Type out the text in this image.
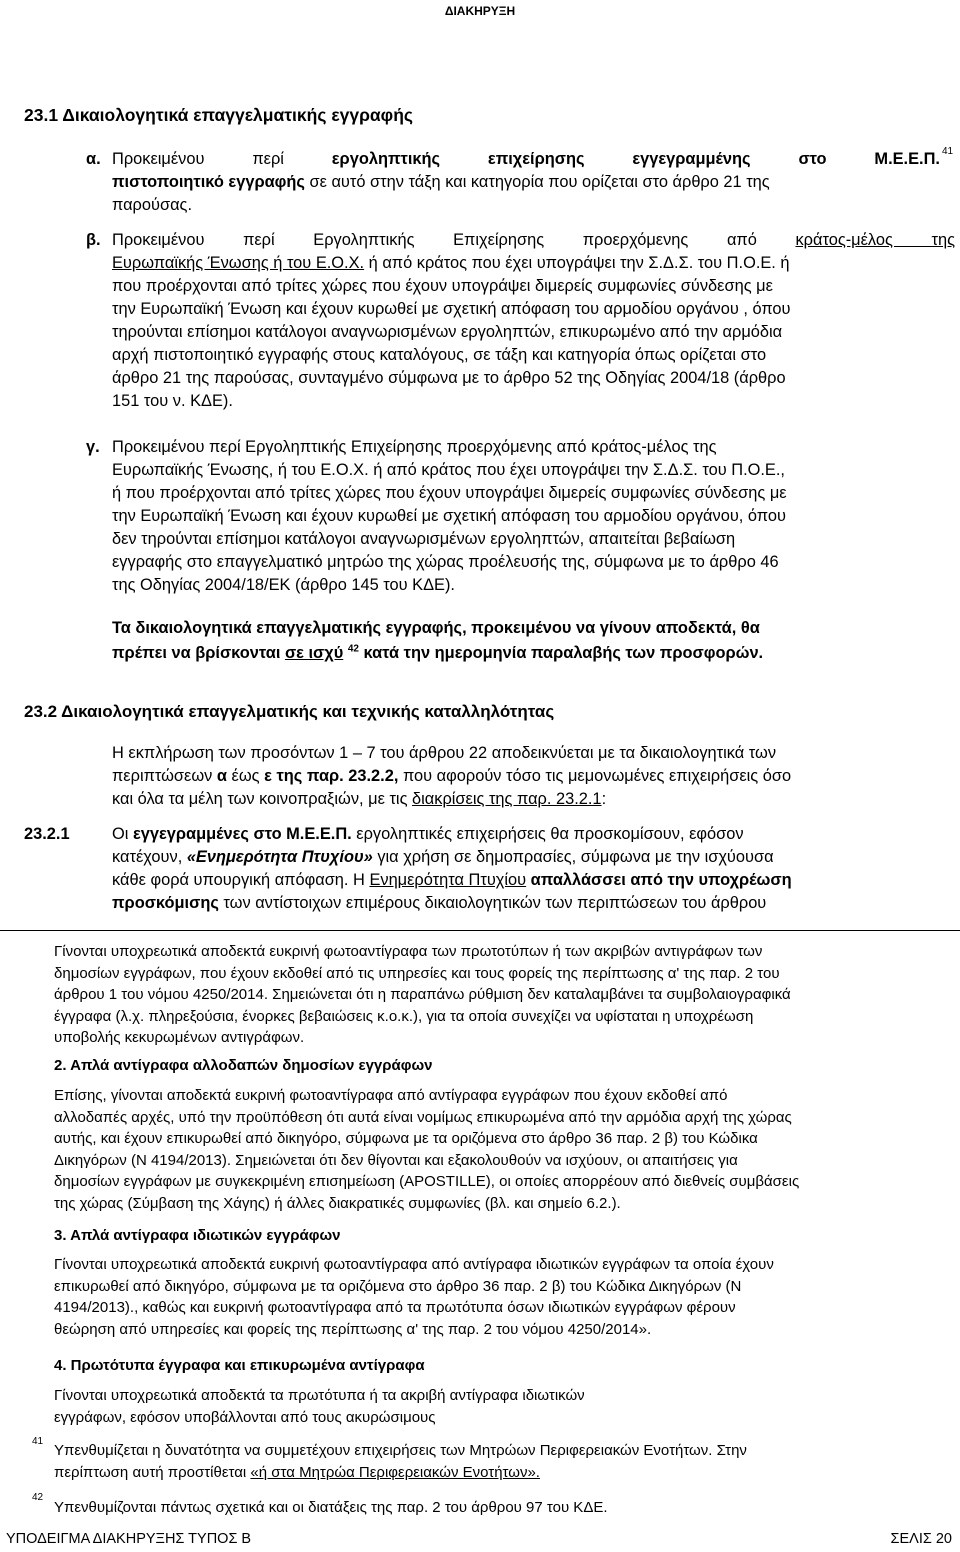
ΔΙΑΚΗΡΥΞΗ
23.1 Δικαιολογητικά επαγγελματικής εγγραφής
α. Προκειμένου περί εργοληπτικής επιχείρησης εγγεγραμμένης στο Μ.Ε.Ε.Π.
πιστοποιητικό εγγραφής σε αυτό στην τάξη και κατηγορία που ορίζεται στο άρθρο 21 της
παρούσας.
41
β. Προκειμένου περί Εργοληπτικής Επιχείρησης προερχόμενης από κράτος-μέλος της
Ευρωπαϊκής Ένωσης ή του Ε.Ο.Χ. ή από κράτος που έχει υπογράψει την Σ.Δ.Σ. του Π.Ο.Ε. ή
που προέρχονται από τρίτες χώρες που έχουν υπογράψει διμερείς συμφωνίες σύνδεσης με
την Ευρωπαϊκή Ένωση και έχουν κυρωθεί με σχετική απόφαση του αρμοδίου οργάνου , όπου
τηρούνται επίσημοι κατάλογοι αναγνωρισμένων εργοληπτών, επικυρωμένο από την αρμόδια
αρχή πιστοποιητικό εγγραφής στους καταλόγους, σε τάξη και κατηγορία όπως ορίζεται στο
άρθρο 21 της παρούσας, συνταγμένο σύμφωνα με το άρθρο 52 της Οδηγίας 2004/18 (άρθρο
151 του ν. ΚΔΕ).
γ. Προκειμένου περί Εργοληπτικής Επιχείρησης προερχόμενης από κράτος-μέλος της
Ευρωπαϊκής Ένωσης, ή του Ε.Ο.Χ. ή από κράτος που έχει υπογράψει την Σ.Δ.Σ. του Π.Ο.Ε.,
ή που προέρχονται από τρίτες χώρες που έχουν υπογράψει διμερείς συμφωνίες σύνδεσης με
την Ευρωπαϊκή Ένωση και έχουν κυρωθεί με σχετική απόφαση του αρμοδίου οργάνου, όπου
δεν τηρούνται επίσημοι κατάλογοι αναγνωρισμένων εργοληπτών, απαιτείται βεβαίωση
εγγραφής στο επαγγελματικό μητρώο της χώρας προέλευσής της, σύμφωνα με το άρθρο 46
της Οδηγίας 2004/18/ΕΚ (άρθρο 145 του ΚΔΕ).
Τα δικαιολογητικά επαγγελματικής εγγραφής, προκειμένου να γίνουν αποδεκτά, θα
πρέπει να βρίσκονται σε ισχύ $^{42}$ κατά την ημερομηνία παραλαβής των προσφορών.
23.2 Δικαιολογητικά επαγγελματικής και τεχνικής καταλληλότητας
Η εκπλήρωση των προσόντων 1 – 7 του άρθρου 22 αποδεικνύεται με τα δικαιολογητικά των
περιπτώσεων α έως ε της παρ. 23.2.2, που αφορούν τόσο τις μεμονωμένες επιχειρήσεις όσο
και όλα τα μέλη των κοινοπραξιών, με τις διακρίσεις της παρ. 23.2.1:
23.2.1	Οι εγγεγραμμένες στο Μ.Ε.Ε.Π. εργοληπτικές επιχειρήσεις θα προσκομίσουν, εφόσον
κατέχουν, «Ενημερότητα Πτυχίου» για χρήση σε δημοπρασίες, σύμφωνα με την ισχύουσα
κάθε φορά υπουργική απόφαση. Η Ενημερότητα Πτυχίου απαλλάσσει από την υποχρέωση
προσκόμισης των αντίστοιχων επιμέρους δικαιολογητικών των περιπτώσεων του άρθρου
Γίνονται υποχρεωτικά αποδεκτά ευκρινή φωτοαντίγραφα των πρωτοτύπων ή των ακριβών αντιγράφων των
δημοσίων εγγράφων, που έχουν εκδοθεί από τις υπηρεσίες και τους φορείς της περίπτωσης α' της παρ. 2 του
άρθρου 1 του νόμου 4250/2014. Σημειώνεται ότι η παραπάνω ρύθμιση δεν καταλαμβάνει τα συμβολαιογραφικά
έγγραφα (λ.χ. πληρεξούσια, ένορκες βεβαιώσεις κ.ο.κ.), για τα οποία συνεχίζει να υφίσταται η υποχρέωση
υποβολής κεκυρωμένων αντιγράφων.
2. Απλά αντίγραφα αλλοδαπών δημοσίων εγγράφων
Επίσης, γίνονται αποδεκτά ευκρινή φωτοαντίγραφα από αντίγραφα εγγράφων που έχουν εκδοθεί από
αλλοδαπές αρχές, υπό την προϋπόθεση ότι αυτά είναι νομίμως επικυρωμένα από την αρμόδια αρχή της χώρας
αυτής, και έχουν επικυρωθεί από δικηγόρο, σύμφωνα με τα οριζόμενα στο άρθρο 36 παρ. 2 β) του Κώδικα
Δικηγόρων (Ν 4194/2013). Σημειώνεται ότι δεν θίγονται και εξακολουθούν να ισχύουν, οι απαιτήσεις για
δημοσίων εγγράφων με συγκεκριμένη επισημείωση (APOSTILLE), οι οποίες απορρέουν από διεθνείς συμβάσεις
της χώρας (Σύμβαση της Χάγης) ή άλλες διακρατικές συμφωνίες (βλ. και σημείο 6.2.).
3. Απλά αντίγραφα ιδιωτικών εγγράφων
Γίνονται υποχρεωτικά αποδεκτά ευκρινή φωτοαντίγραφα από αντίγραφα ιδιωτικών εγγράφων τα οποία έχουν
επικυρωθεί από δικηγόρο, σύμφωνα με τα οριζόμενα στο άρθρο 36 παρ. 2 β) του Κώδικα Δικηγόρων (Ν
4194/2013)., καθώς και ευκρινή φωτοαντίγραφα από τα πρωτότυπα όσων ιδιωτικών εγγράφων φέρουν
θεώρηση από υπηρεσίες και φορείς της περίπτωσης α' της παρ. 2 του νόμου 4250/2014».
4. Πρωτότυπα έγγραφα και επικυρωμένα αντίγραφα
Γίνονται υποχρεωτικά αποδεκτά τα πρωτότυπα ή τα ακριβή αντίγραφα ιδιωτικών
εγγράφων, εφόσον υποβάλλονται από τους ακυρώσιμους
41
Υπενθυμίζεται η δυνατότητα να συμμετέχουν επιχειρήσεις των Μητρώων Περιφερειακών Ενοτήτων. Στην
περίπτωση αυτή προστίθεται «ή στα Μητρώα Περιφερειακών Ενοτήτων».
42
Υπενθυμίζονται πάντως σχετικά και οι διατάξεις της παρ. 2 του άρθρου 97 του ΚΔΕ.
ΥΠΟΔΕΙΓΜΑ ΔΙΑΚΗΡΥΞΗΣ ΤΥΠΟΣ Β	ΣΕΛΙΣ 20
